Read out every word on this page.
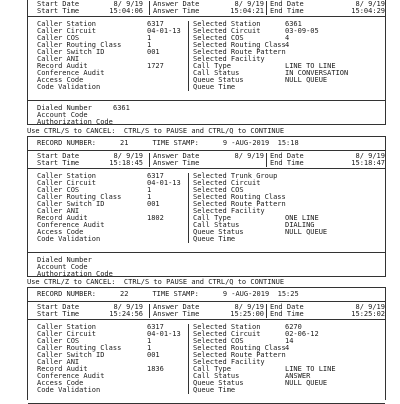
Start Date	8/ 9/19
Start Time	15:04:06
Answer Date	8/ 9/19
Answer Time	15:04:21
End Date	8/ 9/19
End Time	15:04:29
Caller Station	6317
Caller Circuit	04-01-13
Caller COS	1
Caller Routing Class	1
Caller Switch ID	001
Caller ANI
Record Audit	1727
Conference Audit
Access Code
Code Validation
Selected Station	6361
Selected Circuit	03-09-05
Selected COS	4
Selected Routing Class 4
Selected Route Pattern
Selected Facility
Call Type	LINE TO LINE
Call Status	IN CONVERSATION
Queue Status	NULL QUEUE
Queue Time
Dialed Number	6361
Account Code
Authorization Code
Use CTRL/S to CANCEL:  CTRL/S to PAUSE and CTRL/Q to CONTINUE
RECORD NUMBER:	21	TIME STAMP:	9 -AUG-2019  15:18
Start Date	8/ 9/19
Start Time	15:18:45
Answer Date	8/ 9/19
Answer Time
End Date	8/ 9/19
End Time	15:18:47
Caller Station	6317
Caller Circuit	04-01-13
Caller COS	1
Caller Routing Class	1
Caller Switch ID	001
Caller ANI
Record Audit	1802
Conference Audit
Access Code
Code Validation
Selected Trunk Group
Selected Circuit
Selected COS
Selected Routing Class
Selected Route Pattern
Selected Facility
Call Type	ONE LINE
Call Status	DIALING
Queue Status	NULL QUEUE
Queue Time
Dialed Number
Account Code
Authorization Code
Use CTRL/Z to CANCEL:  CTRL/S to PAUSE and CTRL/Q to CONTINUE
RECORD NUMBER:	22	TIME STAMP:	9 -AUG-2019  15:25
Start Date	8/ 9/19
Start Time	15:24:56
Answer Date	8/ 9/19
Answer Time	15:25:00
End Date	8/ 9/19
End Time	15:25:02
Caller Station	6317
Caller Circuit	04-01-13
Caller COS	1
Caller Routing Class	1
Caller Switch ID	001
Caller ANI
Record Audit	1836
Conference Audit
Access Code
Code Validation
Selected Station	6270
Selected Circuit	02-06-12
Selected COS	14
Selected Routing Class 4
Selected Route Pattern
Selected Facility
Call Type	LINE TO LINE
Call Status	ANSWER
Queue Status	NULL QUEUE
Queue Time
